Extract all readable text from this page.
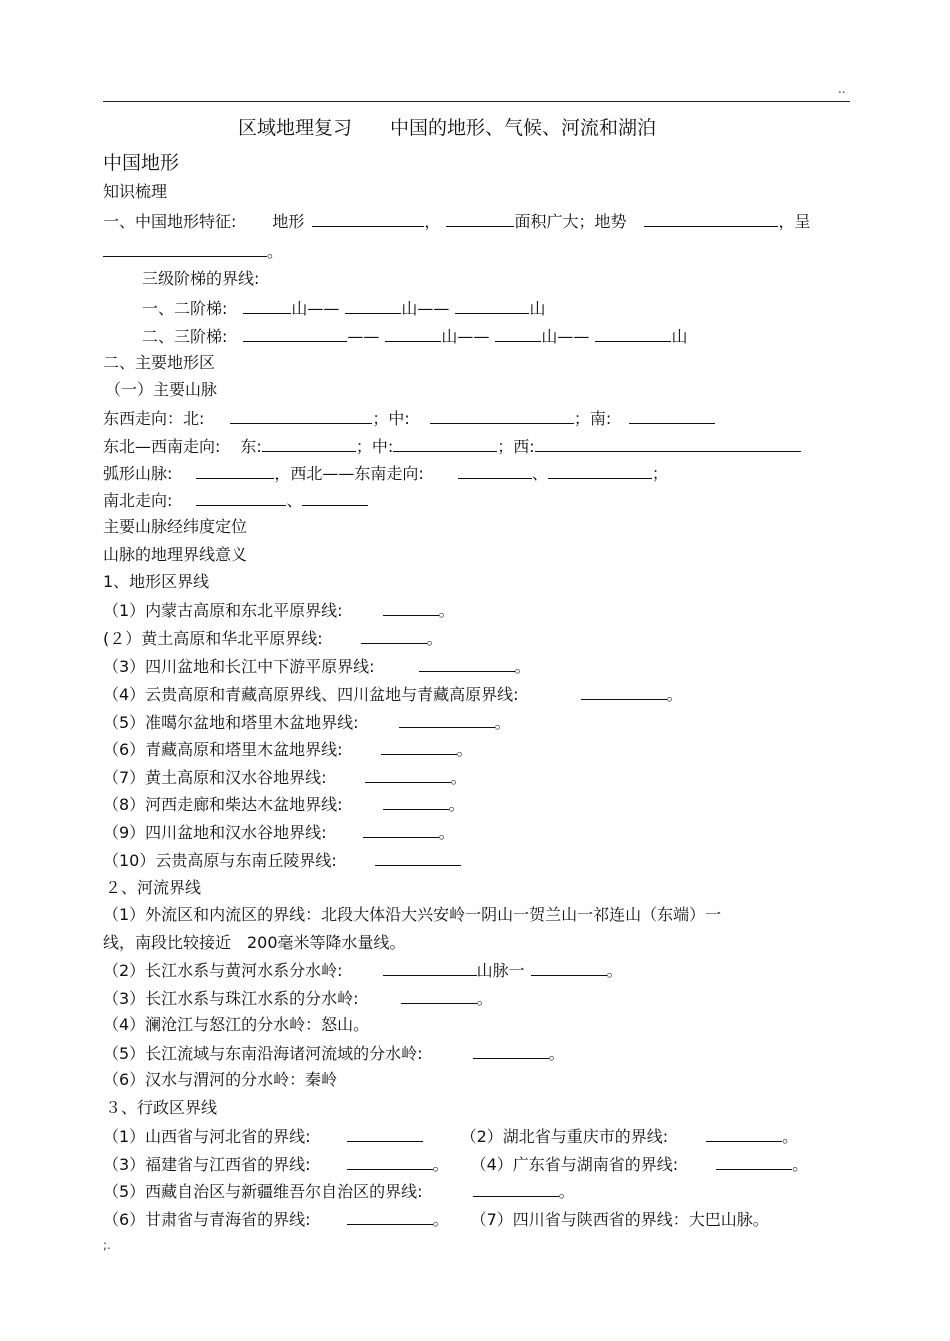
..
区域地理复习　　中国的地形、气候、河流和湖泊
中国地形
知识梳理
一、中国地形特征: 地形	，	面积广大；地势	，呈
。
三级阶梯的界线:
一、二阶梯:	山——	山——	山
二、三阶梯:	——	山——	山——	山
二、主要地形区
（一）主要山脉
东西走向：北:	；中:	；南:
东北—西南走向: 东:	；中:	；西:
弧形山脉:	，西北——东南走向:	、	；
南北走向:	、
主要山脉经纬度定位
山脉的地理界线意义
1、地形区界线
（1）内蒙古高原和东北平原界线:	。
(２）黄土高原和华北平原界线:	。
（3）四川盆地和长江中下游平原界线:	。
（4）云贵高原和青藏高原界线、四川盆地与青藏高原界线:	。
（5）准噶尔盆地和塔里木盆地界线:	。
（6）青藏高原和塔里木盆地界线:	。
（7）黄土高原和汉水谷地界线:	。
（8）河西走廊和柴达木盆地界线:	。
（9）四川盆地和汉水谷地界线:	。
（10）云贵高原与东南丘陵界线:
２、河流界线
（1）外流区和内流区的界线：北段大体沿大兴安岭一阴山一贺兰山一祁连山（东端）一
线，南段比较接近　200毫米等降水量线。
（2）长江水系与黄河水系分水岭:	山脉一	。
（3）长江水系与珠江水系的分水岭:	。
（4）澜沧江与怒江的分水岭：怒山。
（5）长江流域与东南沿海诸河流域的分水岭:	。
（6）汉水与渭河的分水岭：秦岭
３、行政区界线
（1）山西省与河北省的界线:	（2）湖北省与重庆市的界线:	。
（3）福建省与江西省的界线:	。 （4）广东省与湖南省的界线:	。
（5）西藏自治区与新疆维吾尔自治区的界线:	。
（6）甘肃省与青海省的界线:	。 （7）四川省与陕西省的界线：大巴山脉。
;.
